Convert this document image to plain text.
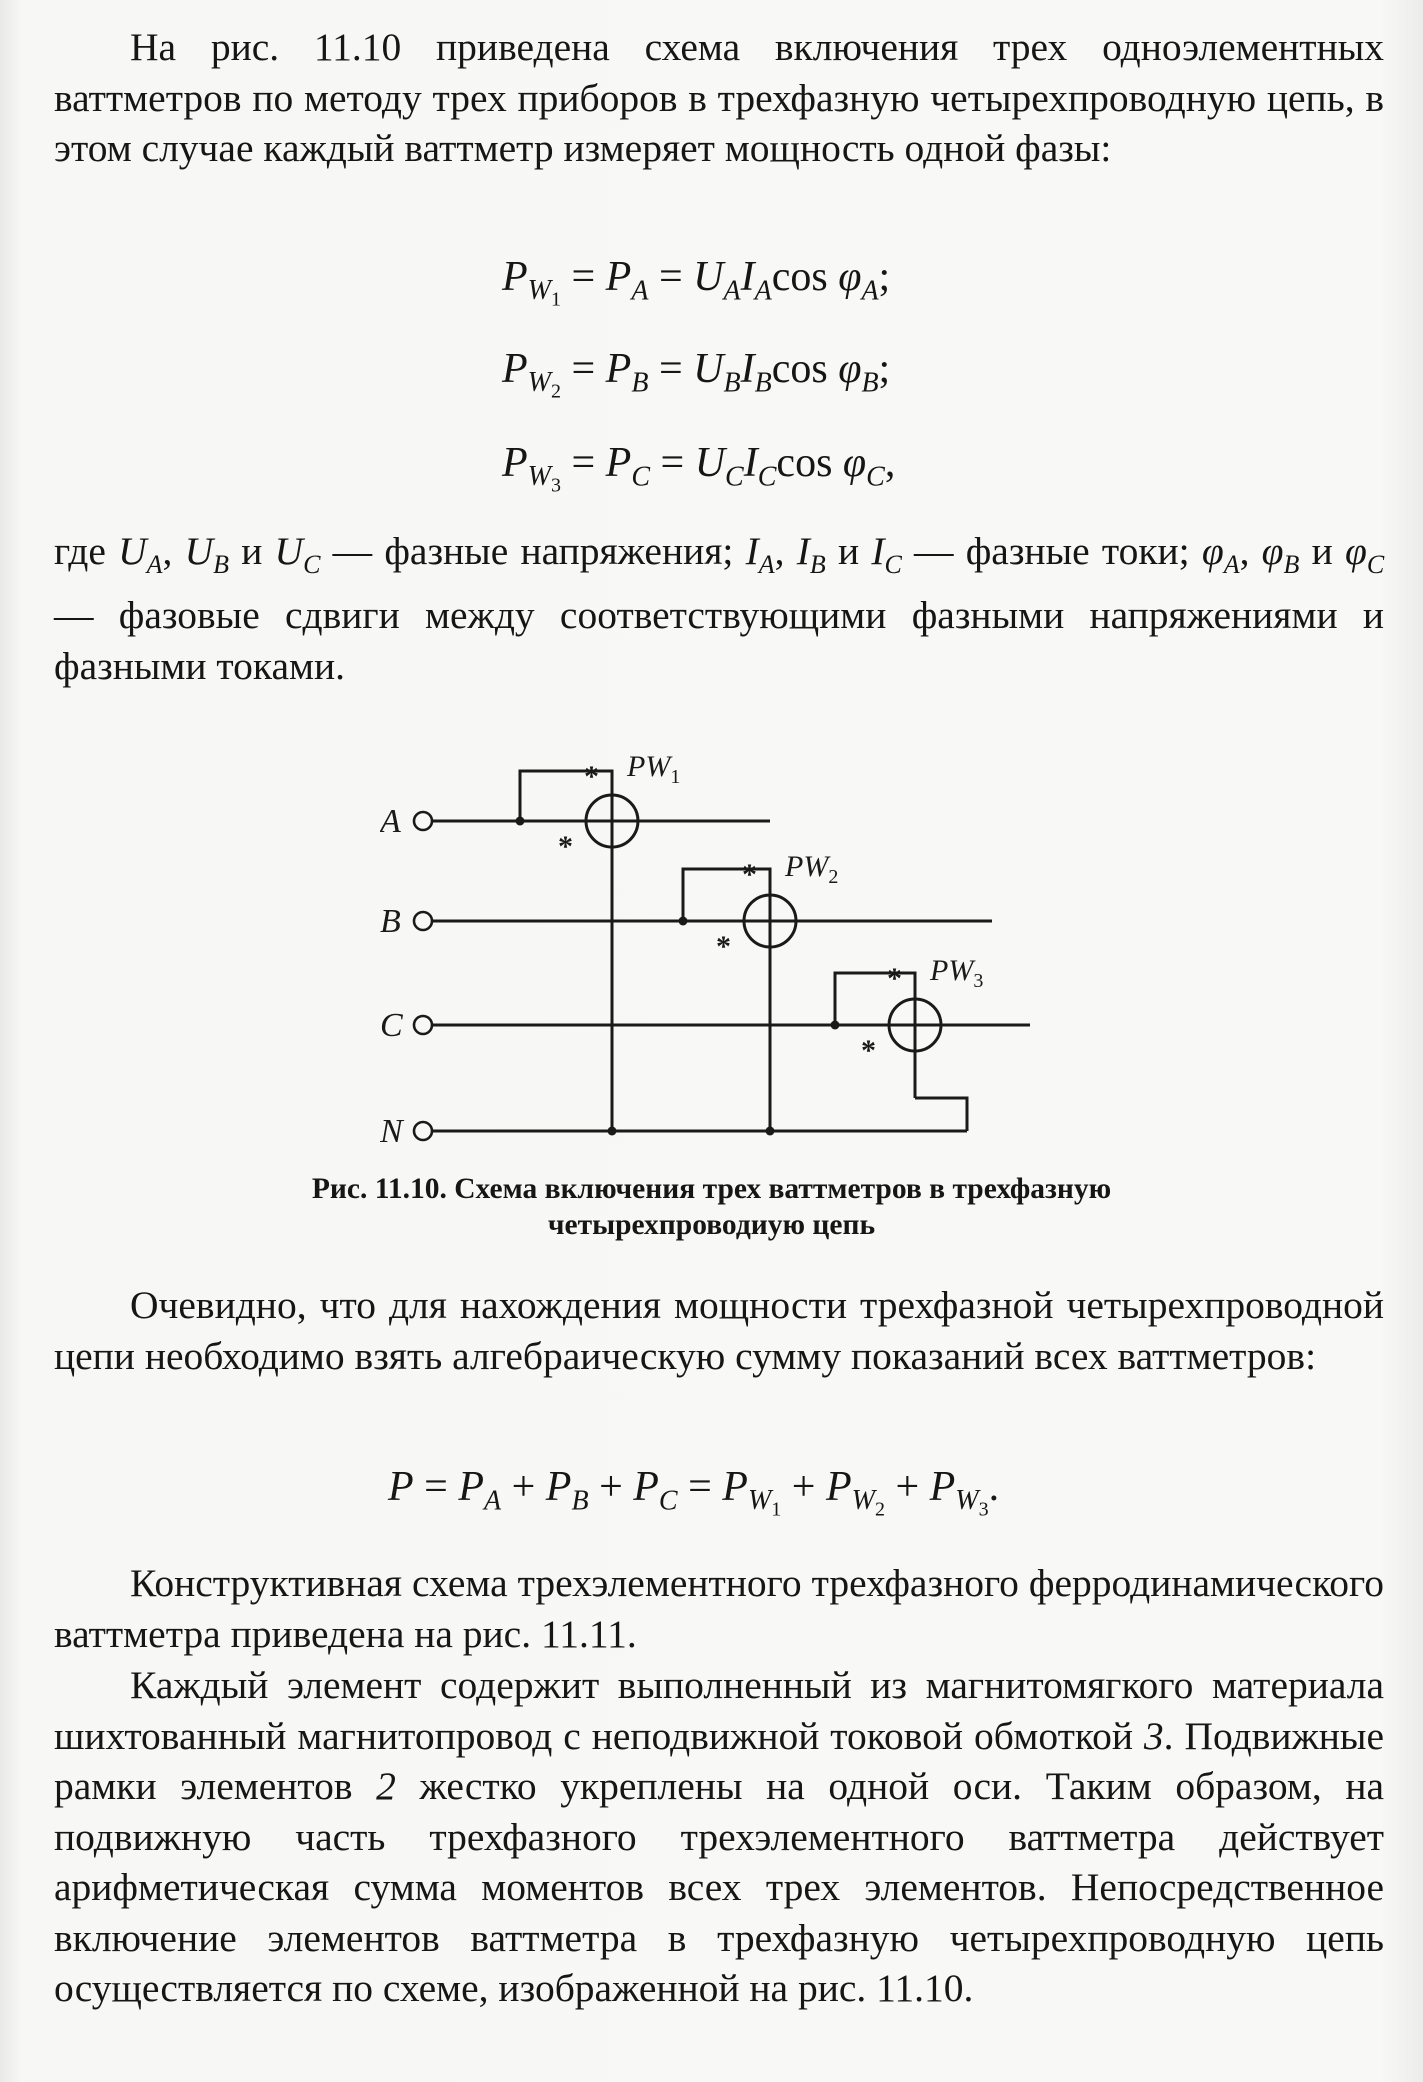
На рис. 11.10 приведена схема включения трех одноэлементных ваттметров по методу трех приборов в трехфазную четырехпроводную цепь, в этом случае каждый ваттметр измеряет мощность одной фазы:

$P_{W_1} = P_A = U_AI_A\cos$ $\varphi_A$;
$P_{W_2} = P_B = U_BI_B\cos$ $\varphi_B$;
$P_{W_3} = P_C = U_CI_C\cos$ $\varphi_C$,

где $U_A$, $U_B$ и $U_C$ — фазные напряжения; $I_A$, $I_B$ и $I_C$ — фазные токи; $\varphi_A$, $\varphi_B$ и $\varphi_C$ — фазовые сдвиги между соответствующими фазными напряжениями и фазными токами.

A
B
C
N
*
*
*
*
*
*
$PW_1$
$PW_2$
$PW_3$
Рис. 11.10. Схема включения трех ваттметров в трехфазную
четырехпроводиую цепь

Очевидно, что для нахождения мощности трехфазной четырехпроводной цепи необходимо взять алгебраическую сумму показаний всех ваттметров:

$P = P_A + P_B + P_C = P_{W_1} + P_{W_2} + P_{W_3}$.

Конструктивная схема трехэлементного трехфазного ферродинамического ваттметра приведена на рис. 11.11.

Каждый элемент содержит выполненный из магнитомягкого материала шихтованный магнитопровод с неподвижной токовой обмоткой 3. Подвижные рамки элементов 2 жестко укреплены на одной оси. Таким образом, на подвижную часть трехфазного трехэлементного ваттметра действует арифметическая сумма моментов всех трех элементов. Непосредственное включение элементов ваттметра в трехфазную четырехпроводную цепь осуществляется по схеме, изображенной на рис. 11.10.
